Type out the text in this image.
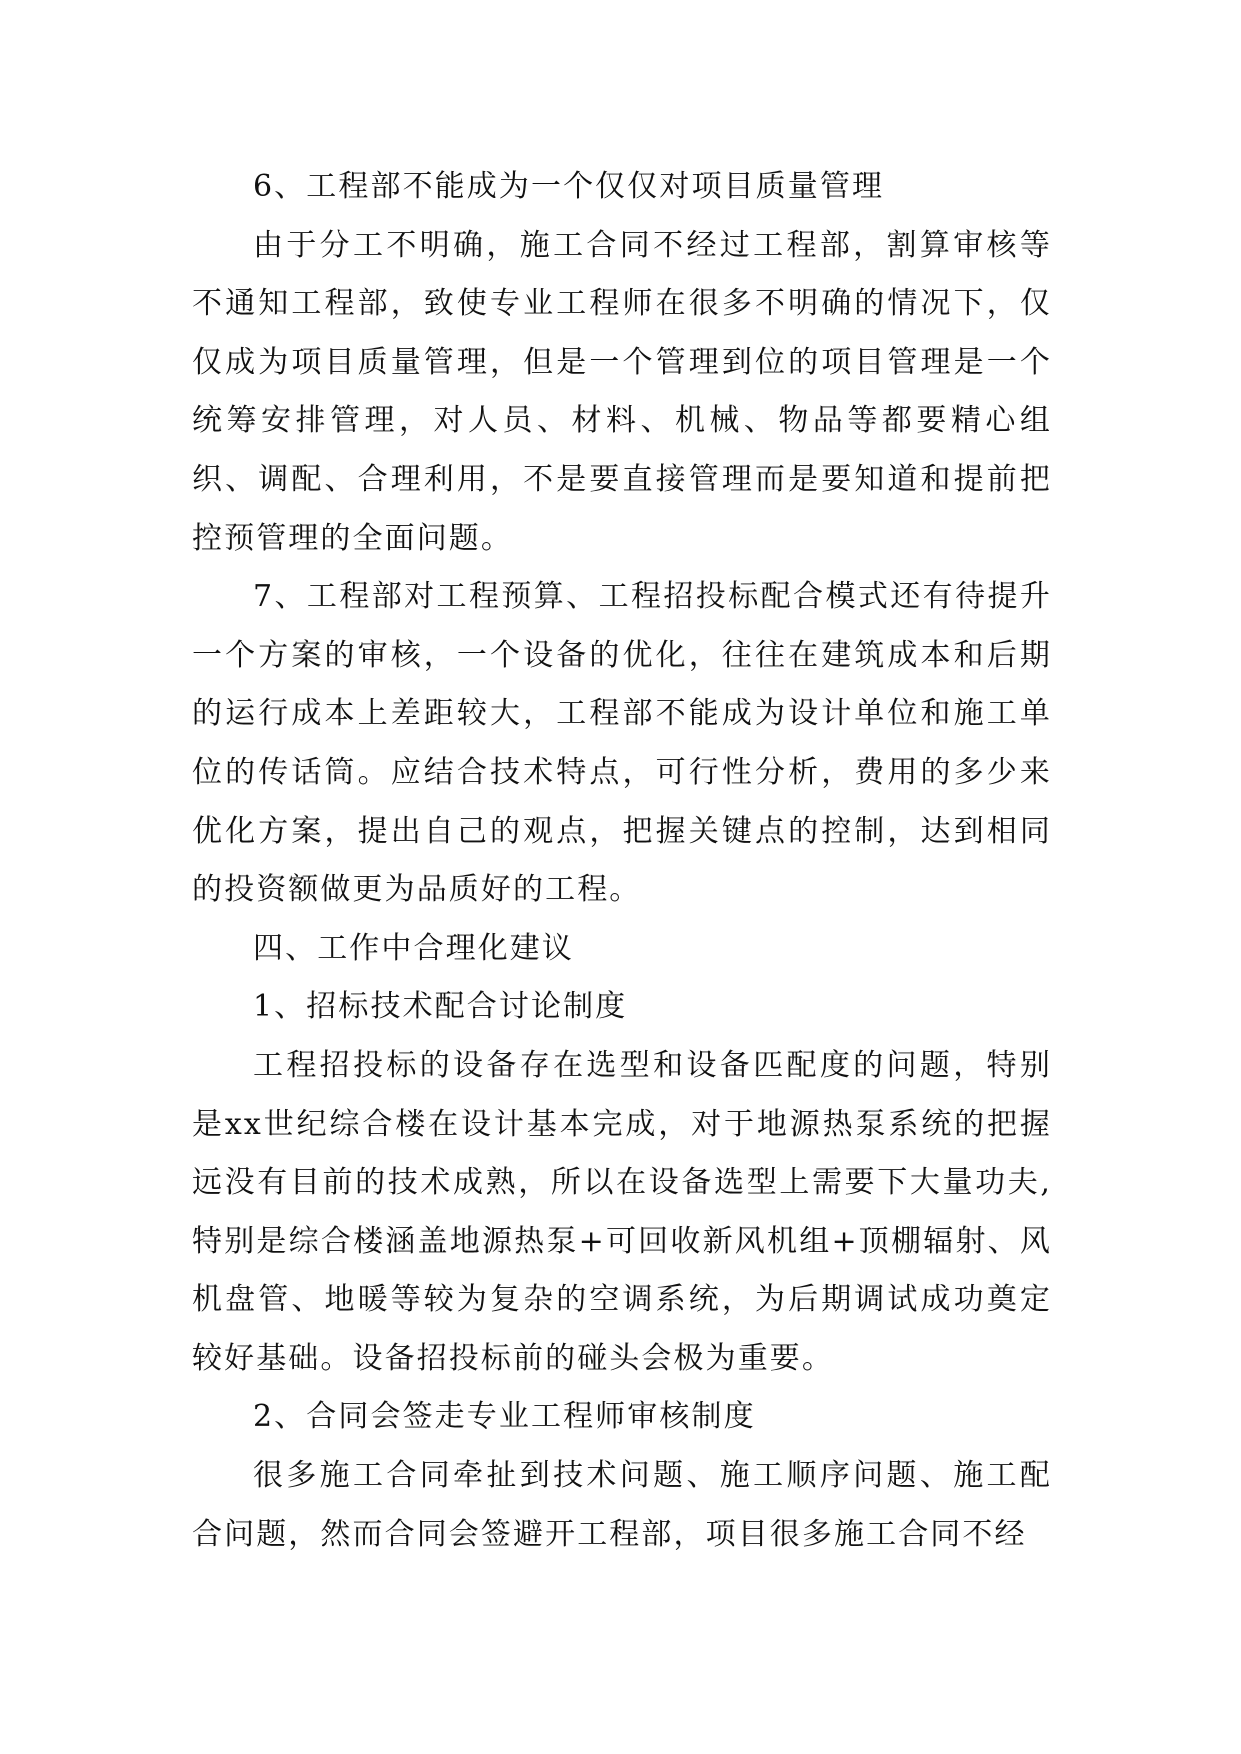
6、工程部不能成为一个仅仅对项目质量管理

由于分工不明确，施工合同不经过工程部，割算审核等不通知工程部，致使专业工程师在很多不明确的情况下，仅仅成为项目质量管理，但是一个管理到位的项目管理是一个统筹安排管理，对人员、材料、机械、物品等都要精心组织、调配、合理利用，不是要直接管理而是要知道和提前把控预管理的全面问题。

7、工程部对工程预算、工程招投标配合模式还有待提升一个方案的审核，一个设备的优化，往往在建筑成本和后期的运行成本上差距较大，工程部不能成为设计单位和施工单位的传话筒。应结合技术特点，可行性分析，费用的多少来优化方案，提出自己的观点，把握关键点的控制，达到相同的投资额做更为品质好的工程。

四、工作中合理化建议

1、招标技术配合讨论制度

工程招投标的设备存在选型和设备匹配度的问题，特别是xx世纪综合楼在设计基本完成，对于地源热泵系统的把握远没有目前的技术成熟，所以在设备选型上需要下大量功夫,特别是综合楼涵盖地源热泵+可回收新风机组+顶棚辐射、风机盘管、地暖等较为复杂的空调系统，为后期调试成功奠定较好基础。设备招投标前的碰头会极为重要。

2、合同会签走专业工程师审核制度

很多施工合同牵扯到技术问题、施工顺序问题、施工配合问题，然而合同会签避开工程部，项目很多施工合同不经
